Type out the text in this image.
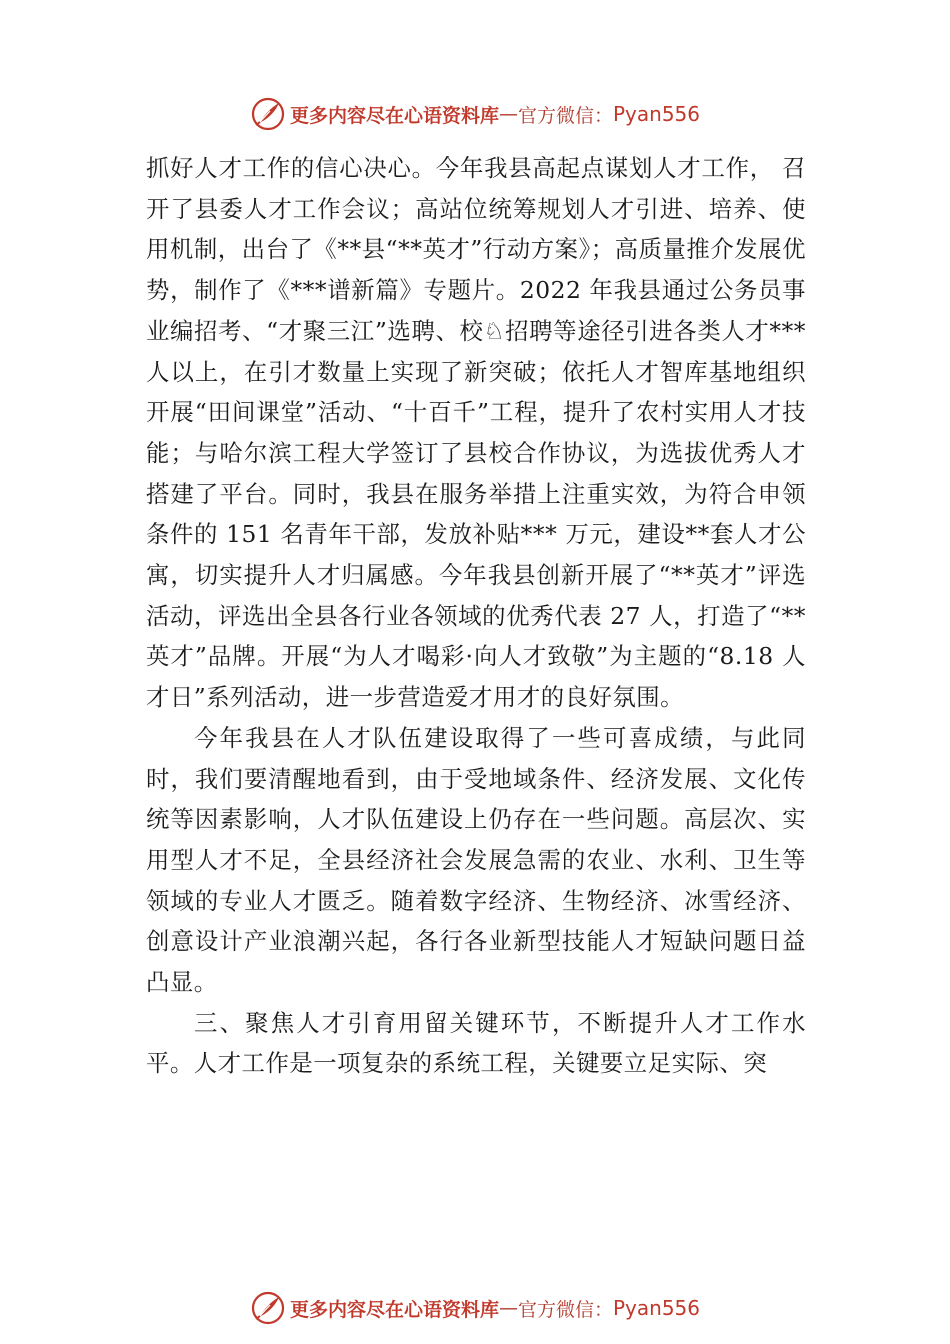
更多内容尽在心语资料库 — 官方微信： Pyan556

抓好人才工作的信心决心。今年我县高起点谋划人才工作， 召开了县委人才工作会议；高站位统筹规划人才引进、培养、使用机制，出台了《**县“**英才”行动方案》；高质量推介发展优势，制作了《***谱新篇》专题片。2022 年我县通过公务员事业编招考、“才聚三江”选聘、校♘招聘等途径引进各类人才***人以上，在引才数量上实现了新突破；依托人才智库基地组织开展“田间课堂”活动、“十百千”工程，提升了农村实用人才技能；与哈尔滨工程大学签订了县校合作协议，为选拔优秀人才搭建了平台。同时，我县在服务举措上注重实效，为符合申领条件的 151 名青年干部，发放补贴*** 万元，建设**套人才公寓，切实提升人才归属感。今年我县创新开展了“**英才”评选活动，评选出全县各行业各领域的优秀代表 27 人，打造了“**英才”品牌。开展“为人才喝彩·向人才致敬”为主题的“8.18 人才日”系列活动，进一步营造爱才用才的良好氛围。

今年我县在人才队伍建设取得了一些可喜成绩，与此同时，我们要清醒地看到，由于受地域条件、经济发展、文化传统等因素影响，人才队伍建设上仍存在一些问题。高层次、实用型人才不足，全县经济社会发展急需的农业、水利、卫生等领域的专业人才匮乏。随着数字经济、生物经济、冰雪经济、创意设计产业浪潮兴起，各行各业新型技能人才短缺问题日益凸显。

三、聚焦人才引育用留关键环节，不断提升人才工作水平。人才工作是一项复杂的系统工程，关键要立足实际、突

更多内容尽在心语资料库 — 官方微信： Pyan556
